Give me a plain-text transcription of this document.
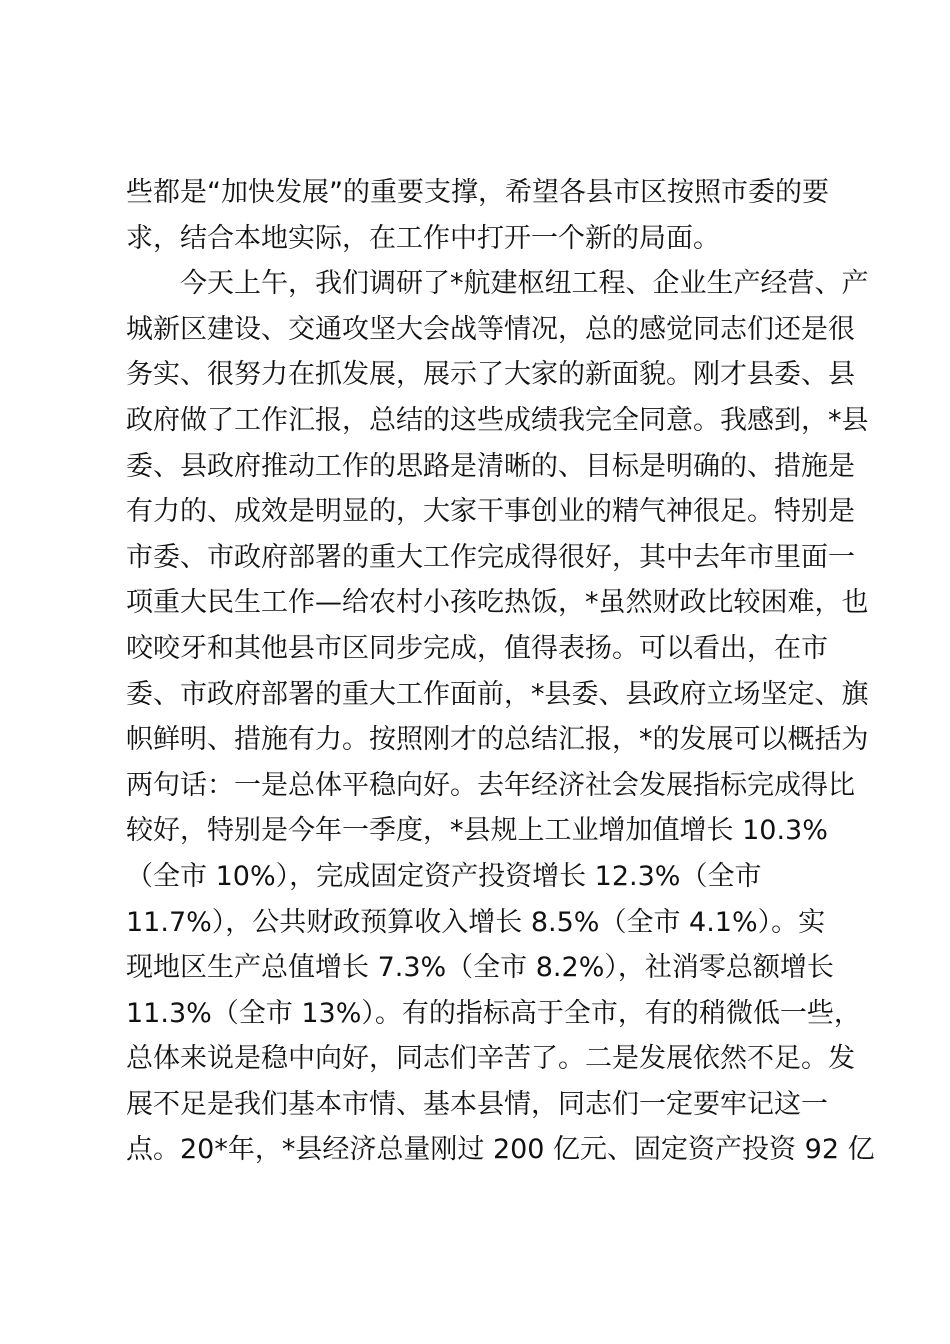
些都是“加快发展”的重要支撑，希望各县市区按照市委的要
求，结合本地实际，在工作中打开一个新的局面。
今天上午，我们调研了*航建枢纽工程、企业生产经营、产
城新区建设、交通攻坚大会战等情况，总的感觉同志们还是很
务实、很努力在抓发展，展示了大家的新面貌。刚才县委、县
政府做了工作汇报，总结的这些成绩我完全同意。我感到，*县
委、县政府推动工作的思路是清晰的、目标是明确的、措施是
有力的、成效是明显的，大家干事创业的精气神很足。特别是
市委、市政府部署的重大工作完成得很好，其中去年市里面一
项重大民生工作—给农村小孩吃热饭，*虽然财政比较困难，也
咬咬牙和其他县市区同步完成，值得表扬。可以看出，在市
委、市政府部署的重大工作面前，*县委、县政府立场坚定、旗
帜鲜明、措施有力。按照刚才的总结汇报，*的发展可以概括为
两句话：一是总体平稳向好。去年经济社会发展指标完成得比
较好，特别是今年一季度，*县规上工业增加值增长 10.3%
（全市 10%），完成固定资产投资增长 12.3%（全市
11.7%），公共财政预算收入增长 8.5%（全市 4.1%）。实
现地区生产总值增长 7.3%（全市 8.2%），社消零总额增长
11.3%（全市 13%）。有的指标高于全市，有的稍微低一些，
总体来说是稳中向好，同志们辛苦了。二是发展依然不足。发
展不足是我们基本市情、基本县情，同志们一定要牢记这一
点。20*年，*县经济总量刚过 200 亿元、固定资产投资 92 亿
